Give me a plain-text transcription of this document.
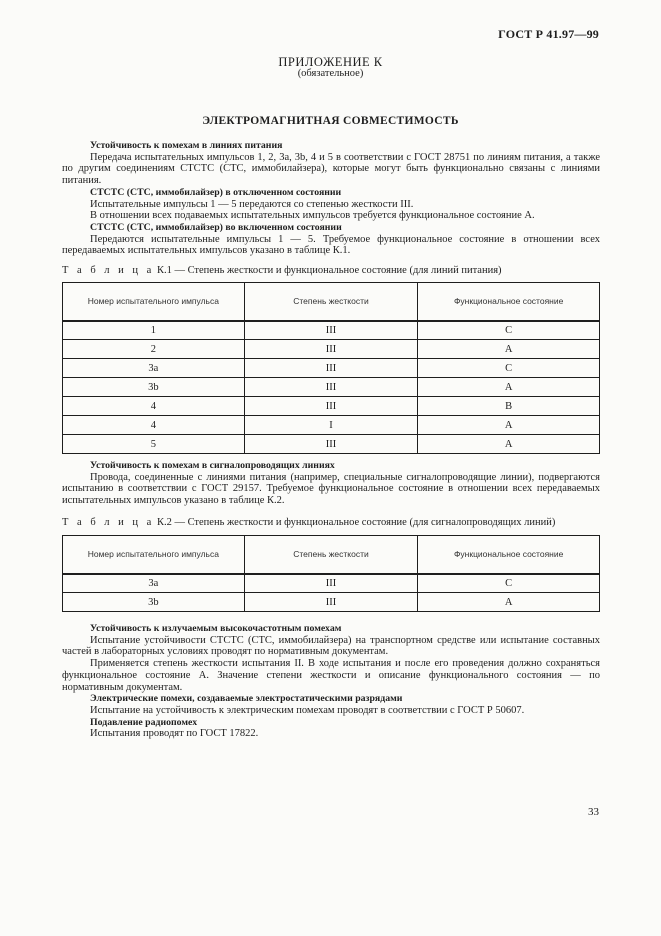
ГОСТ Р 41.97—99
ПРИЛОЖЕНИЕ К
(обязательное)
ЭЛЕКТРОМАГНИТНАЯ СОВМЕСТИМОСТЬ

Устойчивость к помехам в линиях питания

Передача испытательных импульсов 1, 2, 3а, 3b, 4 и 5 в соответствии с ГОСТ 28751 по линиям питания, а также по другим соединениям СТСТС (СТС, иммобилайзера), которые могут быть функционально связаны с линиями питания.

СТСТС (СТС, иммобилайзер) в отключенном состоянии

Испытательные импульсы 1 — 5 передаются со степенью жесткости III.

В отношении всех подаваемых испытательных импульсов требуется функциональное состояние А.

СТСТС (СТС, иммобилайзер) во включенном состоянии

Передаются испытательные импульсы 1 — 5. Требуемое функциональное состояние в отношении всех передаваемых испытательных импульсов указано в таблице К.1.

Т а б л и ц а К.1 — Степень жесткости и функциональное состояние (для линий питания)
Номер испытательного импульса	Степень жесткости	Функциональное состояние
1	III	C
2	III	A
3a	III	C
3b	III	A
4	III	B
4	I	A
5	III	A

Устойчивость к помехам в сигналопроводящих линиях

Провода, соединенные с линиями питания (например, специальные сигналопроводящие линии), подвергаются испытанию в соответствии с ГОСТ 29157. Требуемое функциональное состояние в отношении всех передаваемых испытательных импульсов указано в таблице К.2.

Т а б л и ц а К.2 — Степень жесткости и функциональное состояние (для сигналопроводящих линий)
Номер испытательного импульса	Степень жесткости	Функциональное состояние
3a	III	C
3b	III	A

Устойчивость к излучаемым высокочастотным помехам

Испытание устойчивости СТСТС (СТС, иммобилайзера) на транспортном средстве или испытание составных частей в лабораторных условиях проводят по нормативным документам.

Применяется степень жесткости испытания II. В ходе испытания и после его проведения должно сохраняться функциональное состояние А. Значение степени жесткости и описание функционального состояния — по нормативным документам.

Электрические помехи, создаваемые электростатическими разрядами

Испытание на устойчивость к электрическим помехам проводят в соответствии с ГОСТ Р 50607.

Подавление радиопомех

Испытания проводят по ГОСТ 17822.

33
